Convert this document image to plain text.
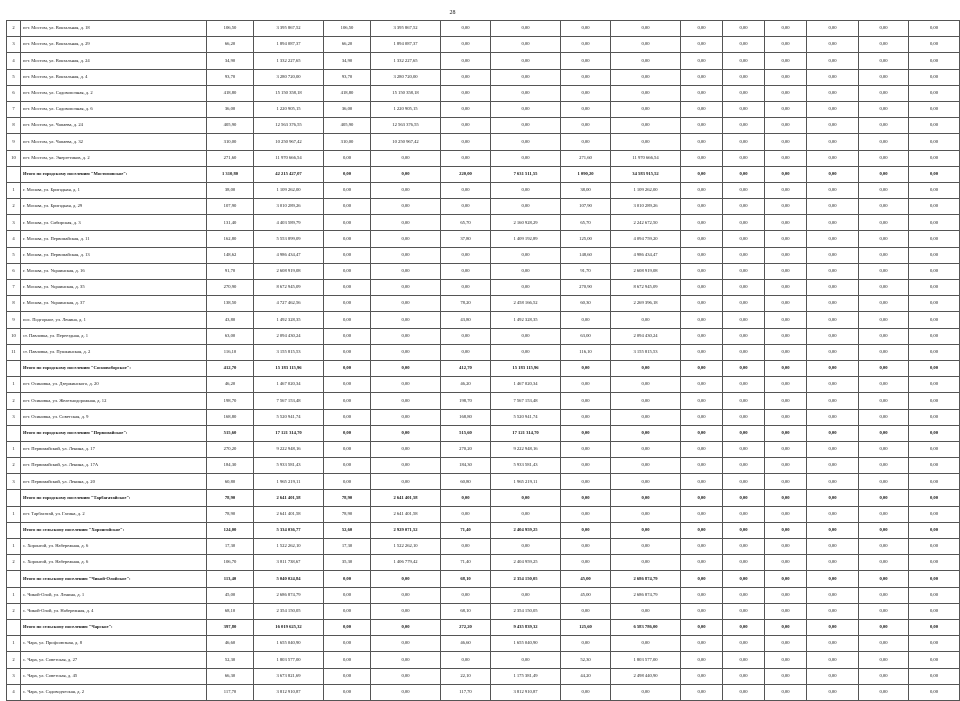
28
2	пгт. Мостом, ул. Вокзальная, д. 18	106,50	3 395 867,52	106,50	3 395 867,52	0,00	0,00	0,00	0,00	0,00	0,00	0,00	0,00	0,00	0,00
3	пгт. Мостом, ул. Вокзальная, д. 29	66,20	1 894 087,37	66,20	1 894 087,37	0,00	0,00	0,00	0,00	0,00	0,00	0,00	0,00	0,00	0,00
4	пгт. Мостом, ул. Вокзальная, д. 24	34,90	1 332 227,65	34,90	1 332 227,65	0,00	0,00	0,00	0,00	0,00	0,00	0,00	0,00	0,00	0,00
5	пгт. Мостом, ул. Вокзальная, д. 4	93,70	3 280 720,00	93,70	3 280 720,00	0,00	0,00	0,00	0,00	0,00	0,00	0,00	0,00	0,00	0,00
6	пгт. Мостом, ул. Садовопочная, д. 2	418,80	15 150 358,18	418,80	15 150 358,18	0,00	0,00	0,00	0,00	0,00	0,00	0,00	0,00	0,00	0,00
7	пгт. Мостом, ул. Садовопочная, д. 6	36,00	1 220 905,15	36,00	1 220 905,15	0,00	0,00	0,00	0,00	0,00	0,00	0,00	0,00	0,00	0,00
8	пгт. Мостом, ул. Чапаева, д. 24	405,90	12 563 376,55	405,90	12 563 376,55	0,00	0,00	0,00	0,00	0,00	0,00	0,00	0,00	0,00	0,00
9	пгт. Мостом, ул. Чапаева, д. 32	310,00	10 250 967,42	310,00	10 250 967,42	0,00	0,00	0,00	0,00	0,00	0,00	0,00	0,00	0,00	0,00
10	пгт. Мостом, ул. Энергетиков, д. 2	271,60	11 970 666,54	0,00	0,00	0,00	0,00	271,60	11 970 666,54	0,00	0,00	0,00	0,00	0,00	0,00
	Итого по городскому поселению "Мостомовское":	1 310,80	42 215 427,07	0,00	0,00	220,00	7 631 511,55	1 090,20	34 583 915,52	0,00	0,00	0,00	0,00	0,00	0,00
1	г. Москва, ул. Бригадная, д. 1	38,00	1 109 262,00	0,00	0,00	0,00	0,00	38,00	1 109 262,00	0,00	0,00	0,00	0,00	0,00	0,00
2	г. Москва, ул. Бригадная, д. 29	107,90	3 010 289,26	0,00	0,00	0,00	0,00	107,90	3 010 289,26	0,00	0,00	0,00	0,00	0,00	0,00
3	г. Москва, ул. Сибирская, д. 3	131,40	4 403 589,79	0,00	0,00	65,70	2 160 928,29	65,70	2 242 672,50	0,00	0,00	0,00	0,00	0,00	0,00
4	г. Москва, ул. Первомайская, д. 11	162,80	5 553 899,09	0,00	0,00	37,80	1 409 192,89	125,00	4 094 759,20	0,00	0,00	0,00	0,00	0,00	0,00
5	г. Москва, ул. Первомайская, д. 13	148,62	4 986 434,47	0,00	0,00	0,00	0,00	148,60	4 986 434,47	0,00	0,00	0,00	0,00	0,00	0,00
6	г. Москва, ул. Украинская, д. 16	91,70	2 608 919,08	0,00	0,00	0,00	0,00	91,70	2 608 919,08	0,00	0,00	0,00	0,00	0,00	0,00
7	г. Москва, ул. Украинская, д. 35	270,90	8 672 945,09	0,00	0,00	0,00	0,00	270,90	8 672 945,09	0,00	0,00	0,00	0,00	0,00	0,00
8	г. Москва, ул. Украинская, д. 37	138,50	4 727 462,56	0,00	0,00	78,20	2 458 166,52	60,30	2 269 396,18	0,00	0,00	0,00	0,00	0,00	0,00
9	пос. Подгорное, ул. Ленина, д. 1	43,80	1 492 328,35	0,00	0,00	43,80	1 492 328,35	0,00	0,00	0,00	0,00	0,00	0,00	0,00	0,00
10	ст. Павловка, ул. Переездная, д. 1	63,00	2 094 430,24	0,00	0,00	0,00	0,00	63,00	2 094 430,24	0,00	0,00	0,00	0,00	0,00	0,00
11	ст. Павловка, ул. Пушкинская, д. 2	116,10	3 155 815,53	0,00	0,00	0,00	0,00	116,10	3 155 815,53	0,00	0,00	0,00	0,00	0,00	0,00
	Итого по городскому поселению "Сосновоборское":	412,70	15 183 115,96	0,00	0,00	412,70	15 183 115,96	0,00	0,00	0,00	0,00	0,00	0,00	0,00	0,00
1	пгт. Осиновка, ул. Дзержинского, д. 20	46,20	1 467 020,34	0,00	0,00	46,20	1 467 020,34	0,00	0,00	0,00	0,00	0,00	0,00	0,00	0,00
2	пгт. Осиновка, ул. Железнодорожная, д. 12	198,70	7 567 153,48	0,00	0,00	198,70	7 567 153,48	0,00	0,00	0,00	0,00	0,00	0,00	0,00	0,00
3	пгт. Осиновка, ул. Советская, д. 9	168,80	5 520 941,74	0,00	0,00	168,80	5 520 941,74	0,00	0,00	0,00	0,00	0,00	0,00	0,00	0,00
	Итого по городскому поселению "Первомайское":	515,60	17 121 314,70	0,00	0,00	515,60	17 121 314,70	0,00	0,00	0,00	0,00	0,00	0,00	0,00	0,00
1	пгт. Первомайский, ул. Ленина, д. 17	270,20	9 222 948,16	0,00	0,00	270,20	9 222 948,16	0,00	0,00	0,00	0,00	0,00	0,00	0,00	0,00
2	пгт. Первомайский, ул. Ленина, д. 17А	184,30	5 933 581,43	0,00	0,00	184,30	5 933 581,43	0,00	0,00	0,00	0,00	0,00	0,00	0,00	0,00
3	пгт. Первомайский, ул. Ленина, д. 20	60,80	1 965 219,11	0,00	0,00	60,80	1 965 219,11	0,00	0,00	0,00	0,00	0,00	0,00	0,00	0,00
	Итого по городскому поселению "Тарбагатайское":	78,90	2 641 401,58	78,90	2 641 401,58	0,00	0,00	0,00	0,00	0,00	0,00	0,00	0,00	0,00	0,00
1	пгт. Тарбагатай, ул. Гагина, д. 2	78,90	2 641 401,58	78,90	2 641 401,58	0,00	0,00	0,00	0,00	0,00	0,00	0,00	0,00	0,00	0,00
	Итого по сельскому поселению "Хоронгойское":	124,00	5 334 036,77	52,60	2 929 071,52	71,40	2 404 959,25	0,00	0,00	0,00	0,00	0,00	0,00	0,00	0,00
1	с. Хоронгой, ул. Набережная, д. 6	17,30	1 522 262,10	17,30	1 522 262,10	0,00	0,00	0,00	0,00	0,00	0,00	0,00	0,00	0,00	0,00
2	с. Хоронгой, ул. Набережная, д. 6	106,70	3 811 738,67	35,30	1 406 779,42	71,40	2 404 959,25	0,00	0,00	0,00	0,00	0,00	0,00	0,00	0,00
	Итого по сельскому поселению "Чикой-Олойское":	113,40	5 040 024,84	0,00	0,00	68,10	2 354 150,05	45,00	2 686 874,79	0,00	0,00	0,00	0,00	0,00	0,00
1	с. Чикой-Олой, ул. Ленина, д. 1	45,00	2 686 874,79	0,00	0,00	0,00	0,00	45,00	2 686 874,79	0,00	0,00	0,00	0,00	0,00	0,00
2	с. Чикой-Олой, ул. Набережная, д. 4	68,10	2 354 150,05	0,00	0,00	68,10	2 354 150,05	0,00	0,00	0,00	0,00	0,00	0,00	0,00	0,00
	Итого по сельскому поселению "Чарское":	397,80	16 019 625,32	0,00	0,00	272,20	9 435 839,32	125,60	6 583 786,00	0,00	0,00	0,00	0,00	0,00	0,00
1	с. Чара, ул. Профсоюзная, д. 8	46,60	1 655 040,90	0,00	0,00	46,60	1 655 040,90	0,00	0,00	0,00	0,00	0,00	0,00	0,00	0,00
2	с. Чара, ул. Советская, д. 27	52,30	1 803 577,00	0,00	0,00	0,00	0,00	52,30	1 803 577,00	0,00	0,00	0,00	0,00	0,00	0,00
3	с. Чара, ул. Советская, д. 45	66,30	3 673 821,69	0,00	0,00	22,10	1 175 381,49	44,20	2 498 440,90	0,00	0,00	0,00	0,00	0,00	0,00
4	с. Чара, ул. Садоводческая, д. 2	117,70	3 812 910,87	0,00	0,00	117,70	3 812 910,87	0,00	0,00	0,00	0,00	0,00	0,00	0,00	0,00
